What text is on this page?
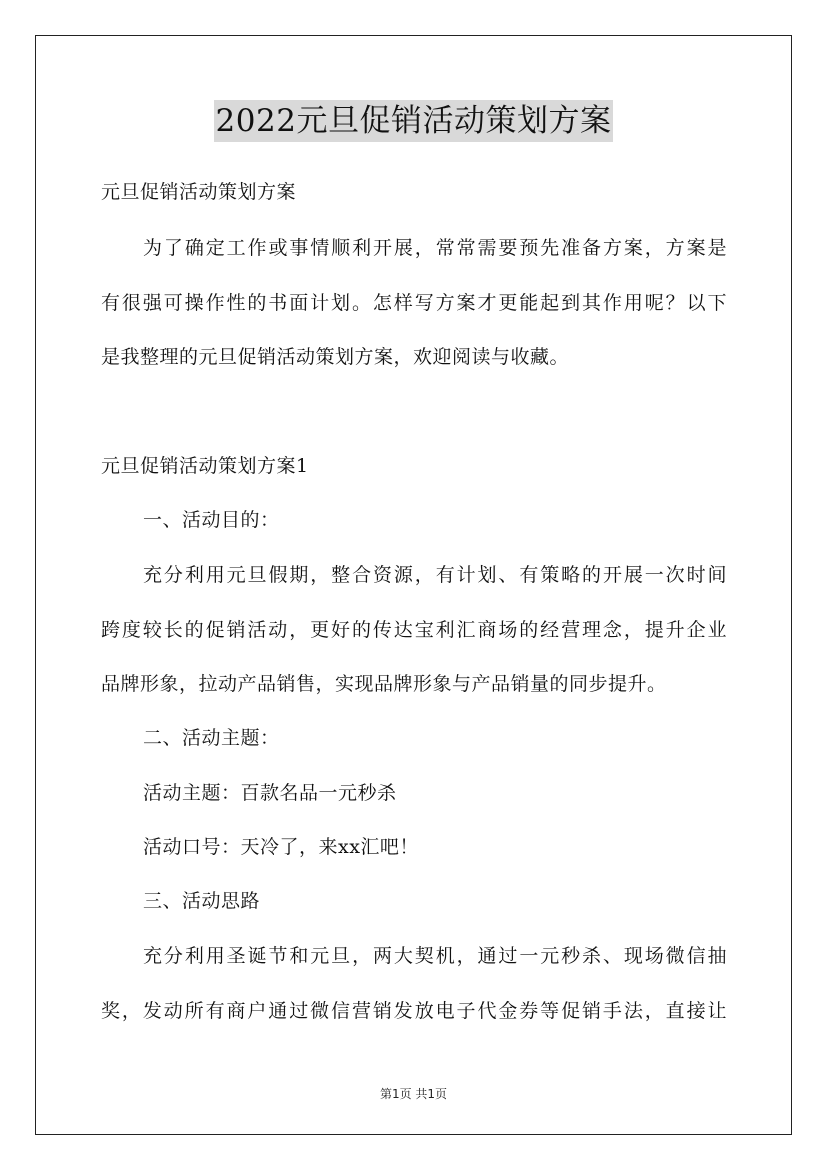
2022元旦促销活动策划方案
元旦促销活动策划方案
为了确定工作或事情顺利开展，常常需要预先准备方案，方案是
有很强可操作性的书面计划。怎样写方案才更能起到其作用呢？以下
是我整理的元旦促销活动策划方案，欢迎阅读与收藏。
元旦促销活动策划方案1
一、活动目的：
充分利用元旦假期，整合资源，有计划、有策略的开展一次时间
跨度较长的促销活动，更好的传达宝利汇商场的经营理念，提升企业
品牌形象，拉动产品销售，实现品牌形象与产品销量的同步提升。
二、活动主题：
活动主题：百款名品一元秒杀
活动口号：天冷了，来xx汇吧！
三、活动思路
充分利用圣诞节和元旦，两大契机，通过一元秒杀、现场微信抽
奖，发动所有商户通过微信营销发放电子代金券等促销手法，直接让
第1页 共1页
